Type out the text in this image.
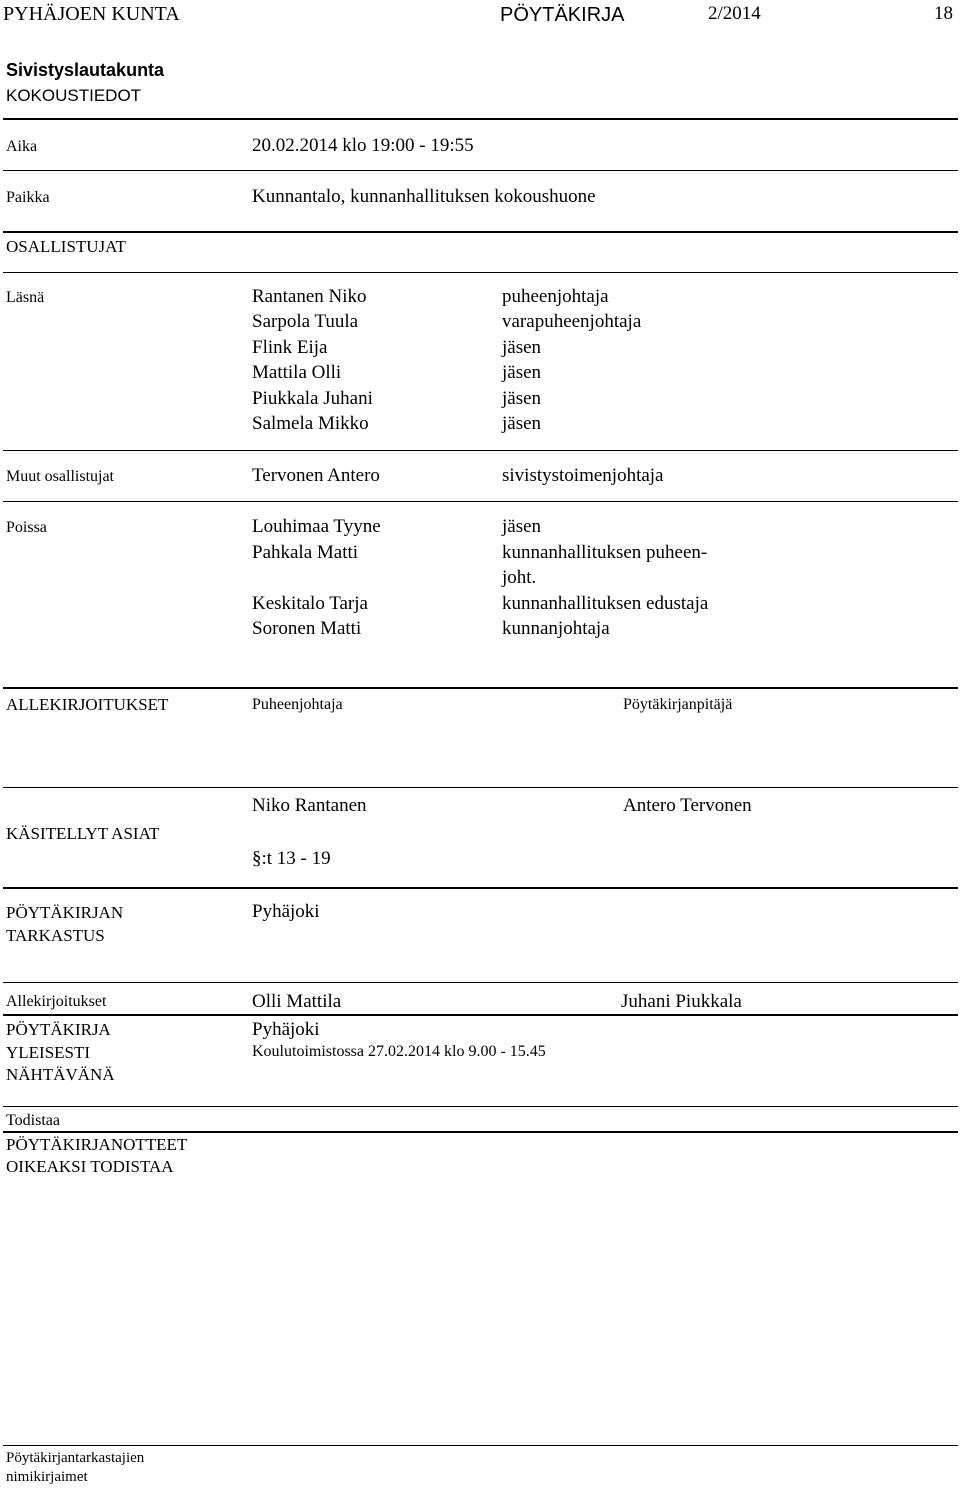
PYHÄJOEN KUNTA	PÖYTÄKIRJA	2/2014	18
Sivistyslautakunta
KOKOUSTIEDOT
Aika	20.02.2014 klo 19:00 - 19:55
Paikka	Kunnantalo, kunnanhallituksen kokoushuone
OSALLISTUJAT
Läsnä	Rantanen Niko	puheenjohtaja
Sarpola Tuula	varapuheenjohtaja
Flink Eija	jäsen
Mattila Olli	jäsen
Piukkala Juhani	jäsen
Salmela Mikko	jäsen
Muut osallistujat	Tervonen Antero	sivistystoimenjohtaja
Poissa	Louhimaa Tyyne	jäsen
Pahkala Matti	kunnanhallituksen puheen-
joht.
Keskitalo Tarja	kunnanhallituksen edustaja
Soronen Matti	kunnanjohtaja
ALLEKIRJOITUKSET	Puheenjohtaja	Pöytäkirjanpitäjä
Niko Rantanen	Antero Tervonen
KÄSITELLYT ASIAT
§:t 13 - 19
PÖYTÄKIRJAN
TARKASTUS
Pyhäjoki
Allekirjoitukset	Olli Mattila	Juhani Piukkala
PÖYTÄKIRJA
YLEISESTI
NÄHTÄVÄNÄ
Pyhäjoki
Koulutoimistossa 27.02.2014 klo 9.00 - 15.45
Todistaa
PÖYTÄKIRJANOTTEET
OIKEAKSI TODISTAA
Pöytäkirjantarkastajien
nimikirjaimet
